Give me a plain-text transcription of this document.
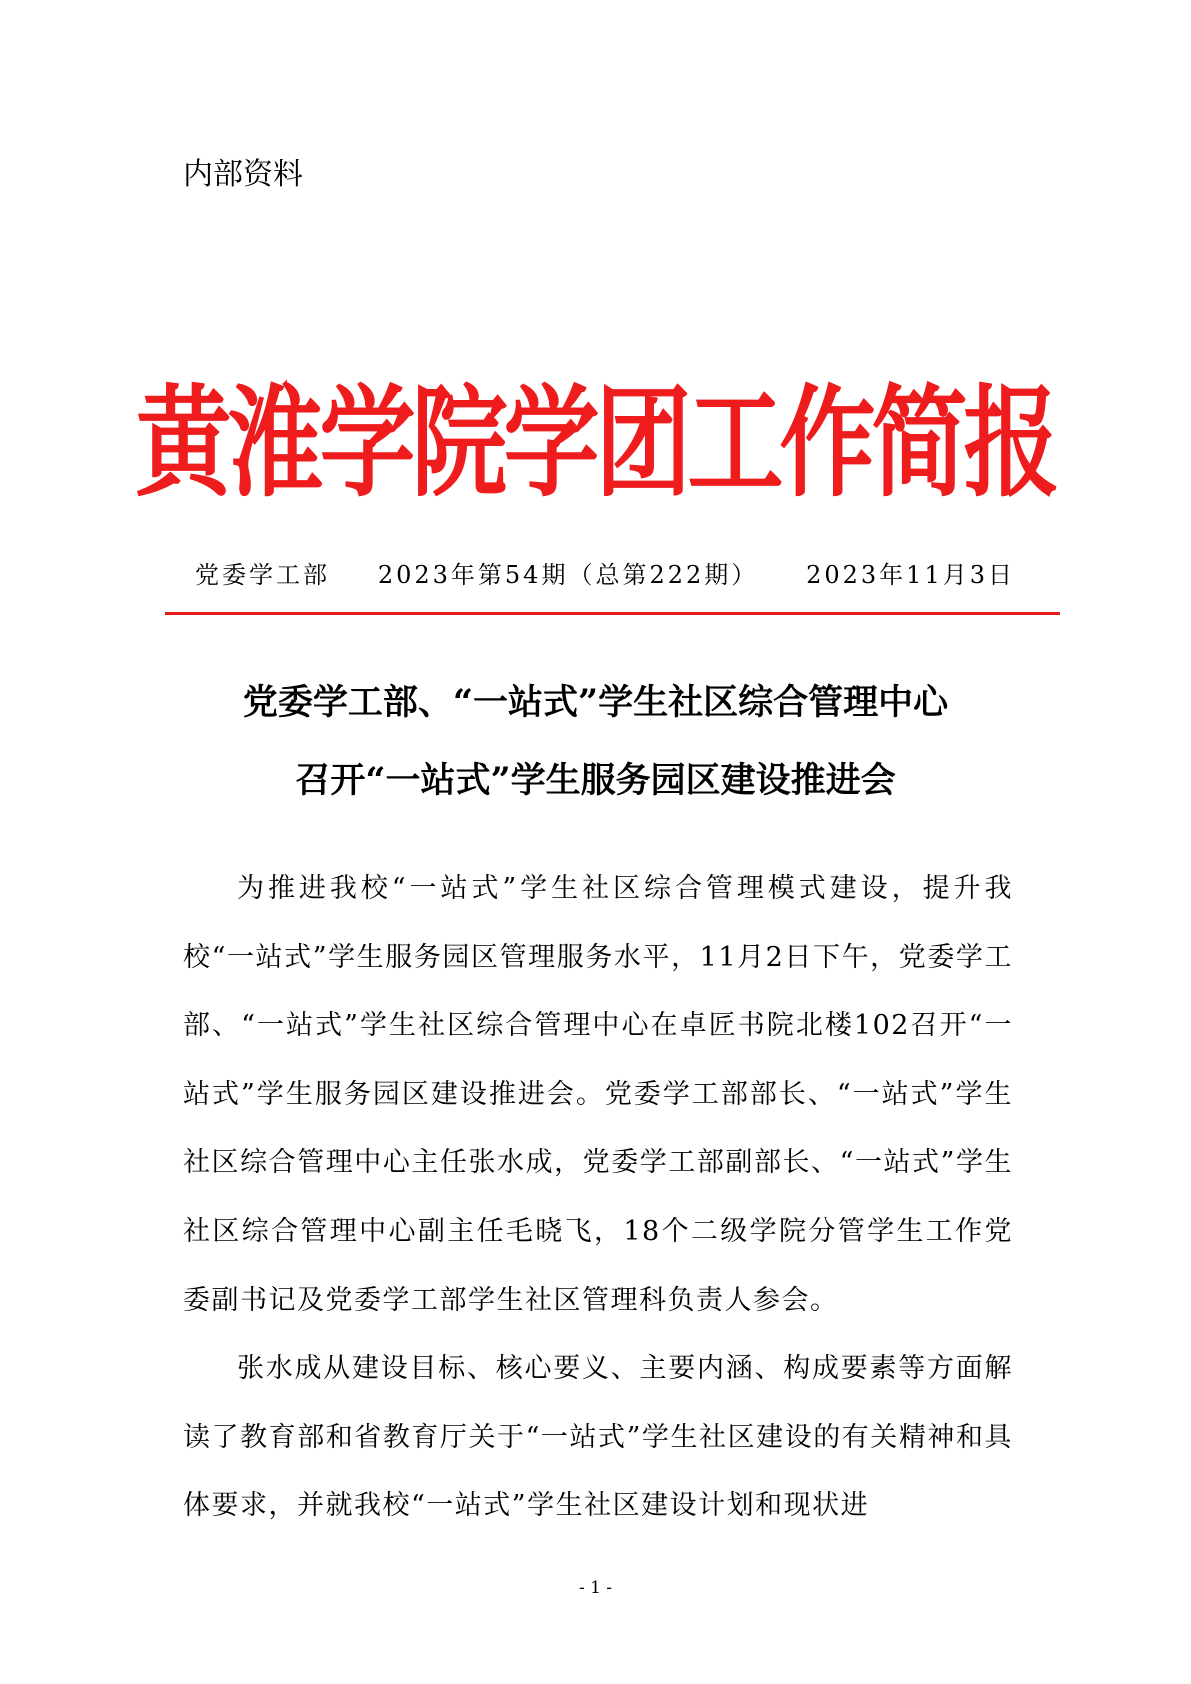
内部资料
黄淮学院学团工作简报
党委学工部 2023年第54期（总第222期） 2023年11月3日
党委学工部、“一站式”学生社区综合管理中心
召开“一站式”学生服务园区建设推进会

为推进我校“一站式”学生社区综合管理模式建设，提升我校“一站式”学生服务园区管理服务水平，11月2日下午，党委学工部、“一站式”学生社区综合管理中心在卓匠书院北楼102召开“一站式”学生服务园区建设推进会。党委学工部部长、“一站式”学生社区综合管理中心主任张水成，党委学工部副部长、“一站式”学生社区综合管理中心副主任毛晓飞，18个二级学院分管学生工作党委副书记及党委学工部学生社区管理科负责人参会。

张水成从建设目标、核心要义、主要内涵、构成要素等方面解读了教育部和省教育厅关于“一站式”学生社区建设的有关精神和具体要求，并就我校“一站式”学生社区建设计划和现状进

- 1 -
